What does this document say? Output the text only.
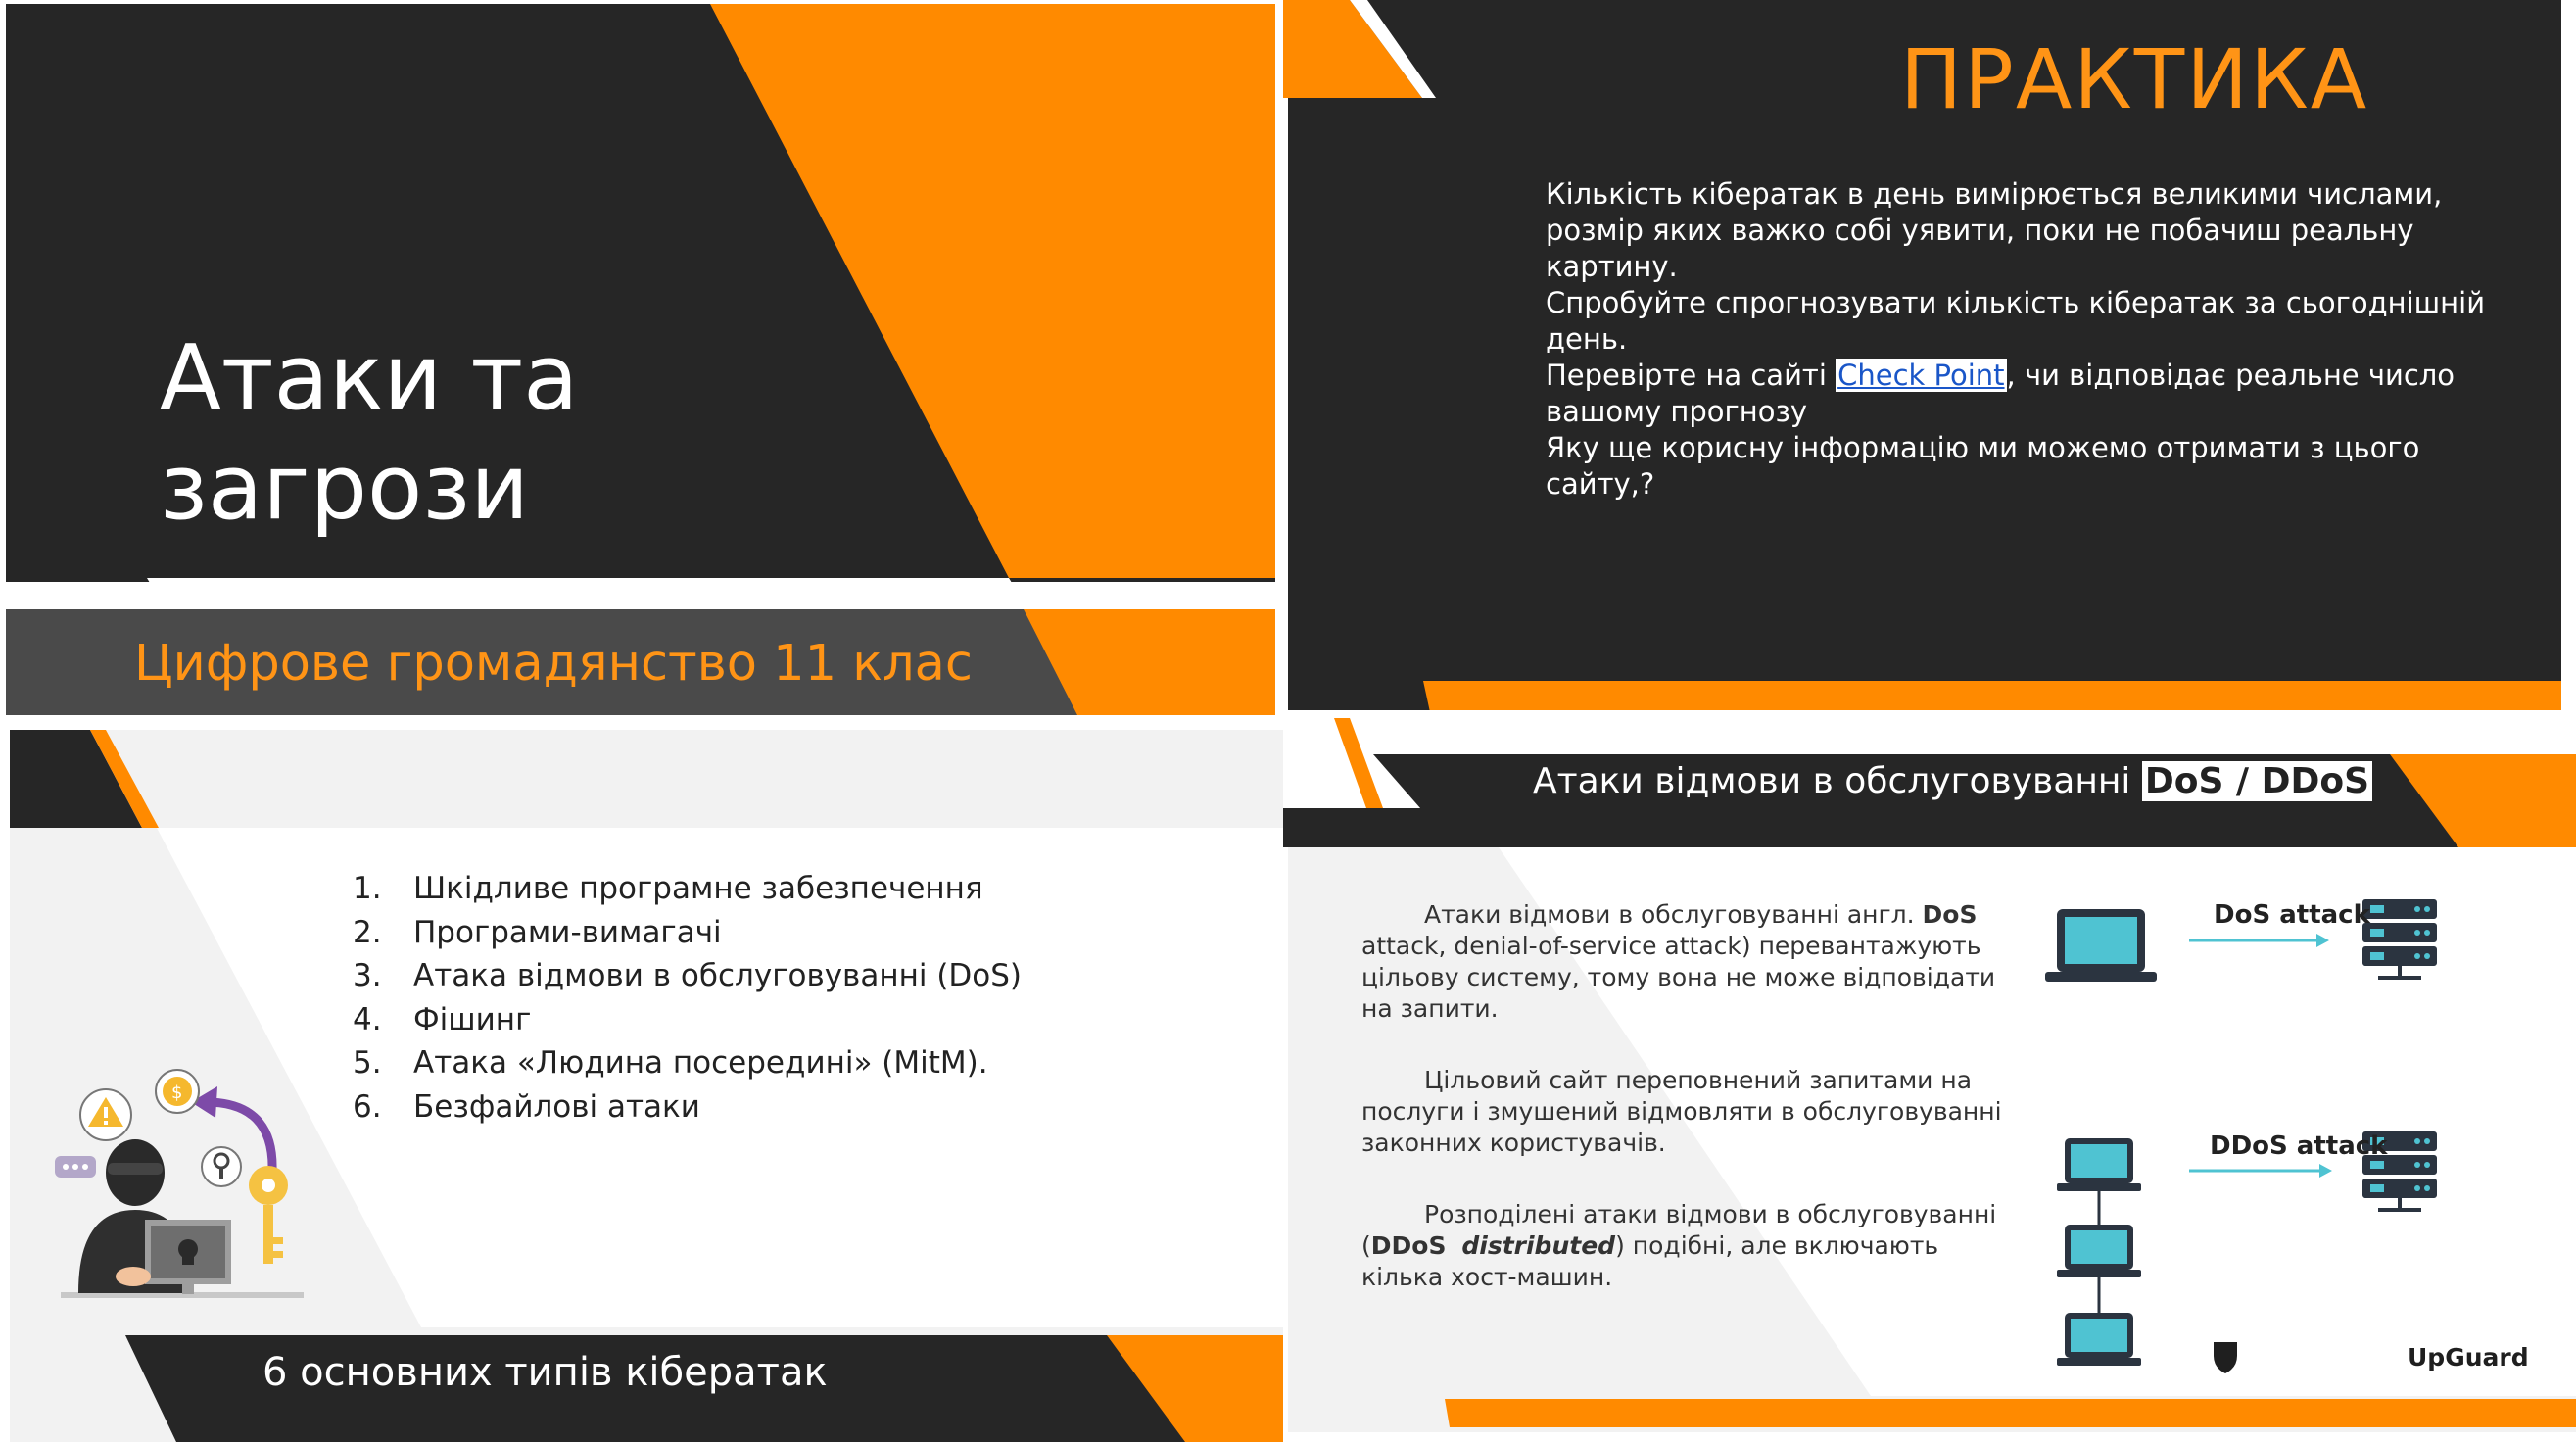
Атаки та
загрози
Цифрове громадянство 11 клас
ПРАКТИКА
Кількість кібератак в день вимірюється великими числами, розмір яких важко собі уявити, поки не побачиш реальну картину.
Спробуйте спрогнозувати кількість кібератак за сьогоднішній день.
Перевірте на сайті Check Point, чи відповідає реальне число вашому прогнозу
Яку ще корисну інформацію ми можемо отримати з цього сайту,?
1. Шкідливе програмне забезпечення
2. Програми-вимагачі
3. Атака відмови в обслуговуванні (DoS)
4. Фішинг
5. Атака «Людина посередині» (MitM).
6. Безфайлові атаки
$
6 основних типів кібератак
Атаки відмови в обслуговуванні DoS / DDoS
Атаки відмови в обслуговуванні англ. DoS attack, denial-of-service attack) перевантажують цільову систему, тому вона не може відповідати на запити.
Цільовий сайт переповнений запитами на послуги і змушений відмовляти в обслуговуванні законних користувачів.
Розподілені атаки відмови в обслуговуванні (DDoS distributed) подібні, але включають кілька хост-машин.
DoS attack
DDoS attack
UpGuard
